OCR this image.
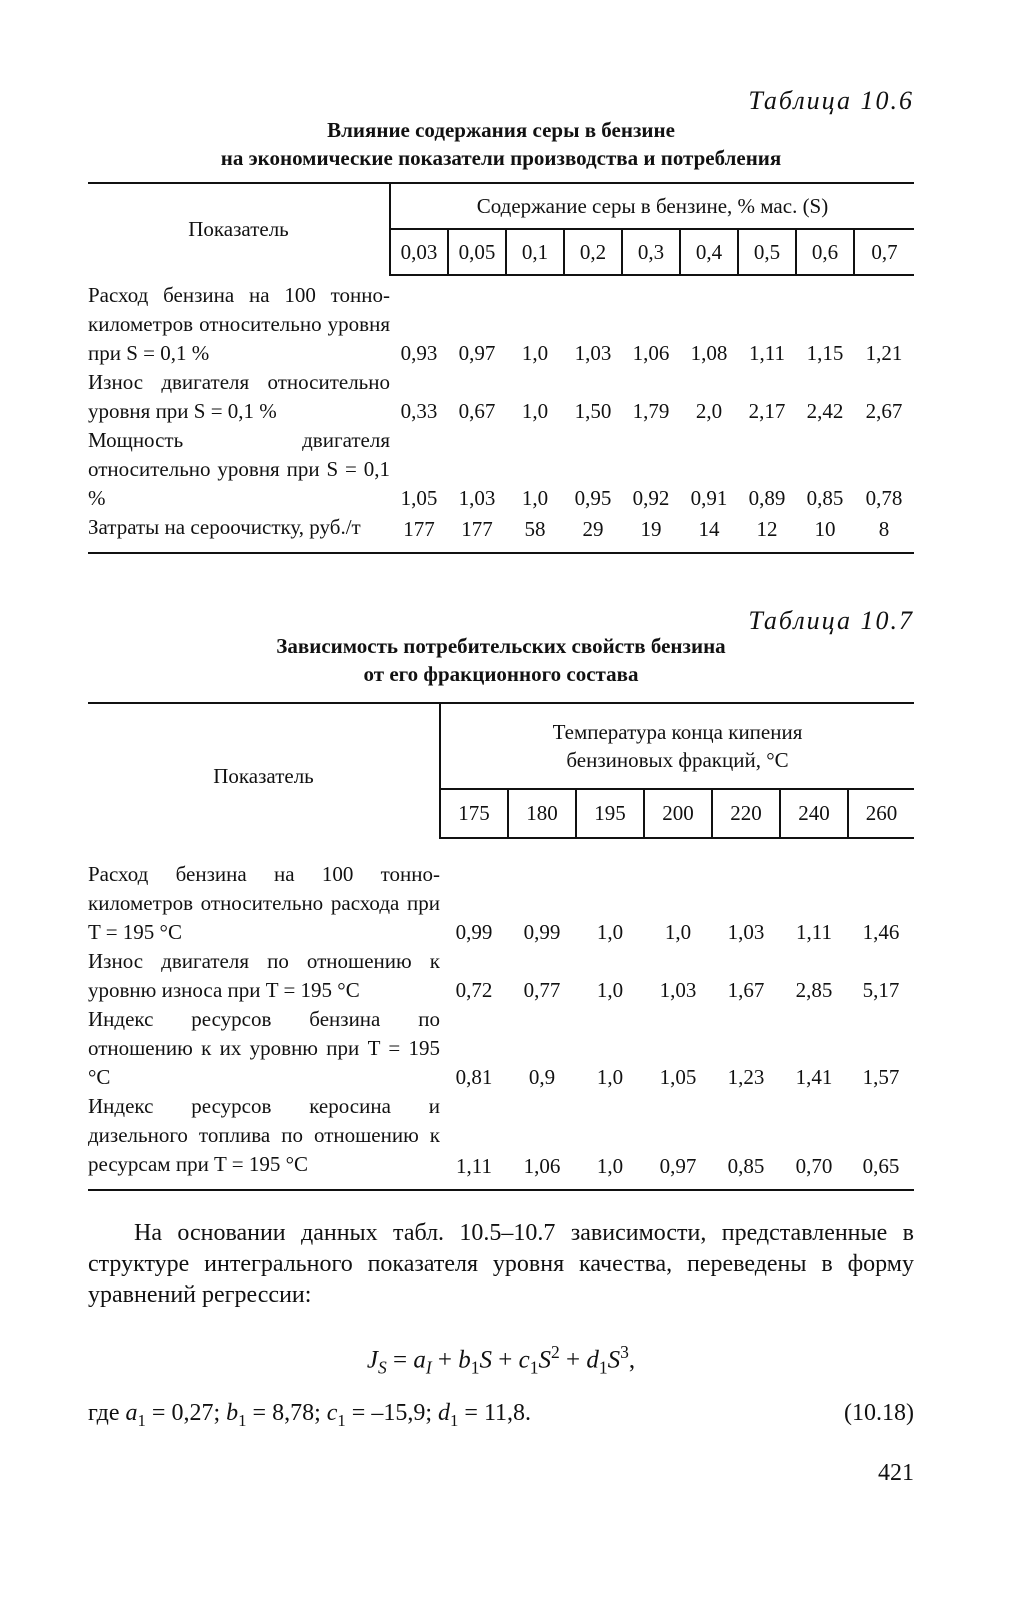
Таблица 10.6
Влияние содержания серы в бензине
на экономические показатели производства и потребления
Показатель	Содержание серы в бензине, % мас. (S)								
	0,03	0,05	0,1	0,2	0,3	0,4	0,5	0,6	0,7
Расход бензина на 100 тонно-километров относительно уровня при S = 0,1 %	0,93	0,97	1,0	1,03	1,06	1,08	1,11	1,15	1,21
Износ двигателя относительно уровня при S = 0,1 %	0,33	0,67	1,0	1,50	1,79	2,0	2,17	2,42	2,67
Мощность двигателя относительно уровня при S = 0,1 %	1,05	1,03	1,0	0,95	0,92	0,91	0,89	0,85	0,78
Затраты на сероочистку, руб./т	177	177	58	29	19	14	12	10	8
Таблица 10.7
Зависимость потребительских свойств бензина
от его фракционного состава
Показатель	Температура конца кипения
бензиновых фракций, °С						

	175	180	195	200	220	240	260
Расход бензина на 100 тонно-километров относительно расхода при T = 195 °С	0,99	0,99	1,0	1,0	1,03	1,11	1,46
Износ двигателя по отношению к уровню износа при T = 195 °С	0,72	0,77	1,0	1,03	1,67	2,85	5,17
Индекс ресурсов бензина по отношению к их уровню при T = 195 °С	0,81	0,9	1,0	1,05	1,23	1,41	1,57
Индекс ресурсов керосина и дизельного топлива по отношению к ресурсам при T = 195 °С	1,11	1,06	1,0	0,97	0,85	0,70	0,65
На основании данных табл. 10.5–10.7 зависимости, представленные в структуре интегрального показателя уровня качества, переведены в форму уравнений регрессии:
$J_S = a_I + b_1S + c_1S^2 + d_1S^3$,
где $a_1 = 0,27$; $b_1 = 8,78$; $c_1 = -15,9$; $d_1 = 11,8$.	(10.18)
421
